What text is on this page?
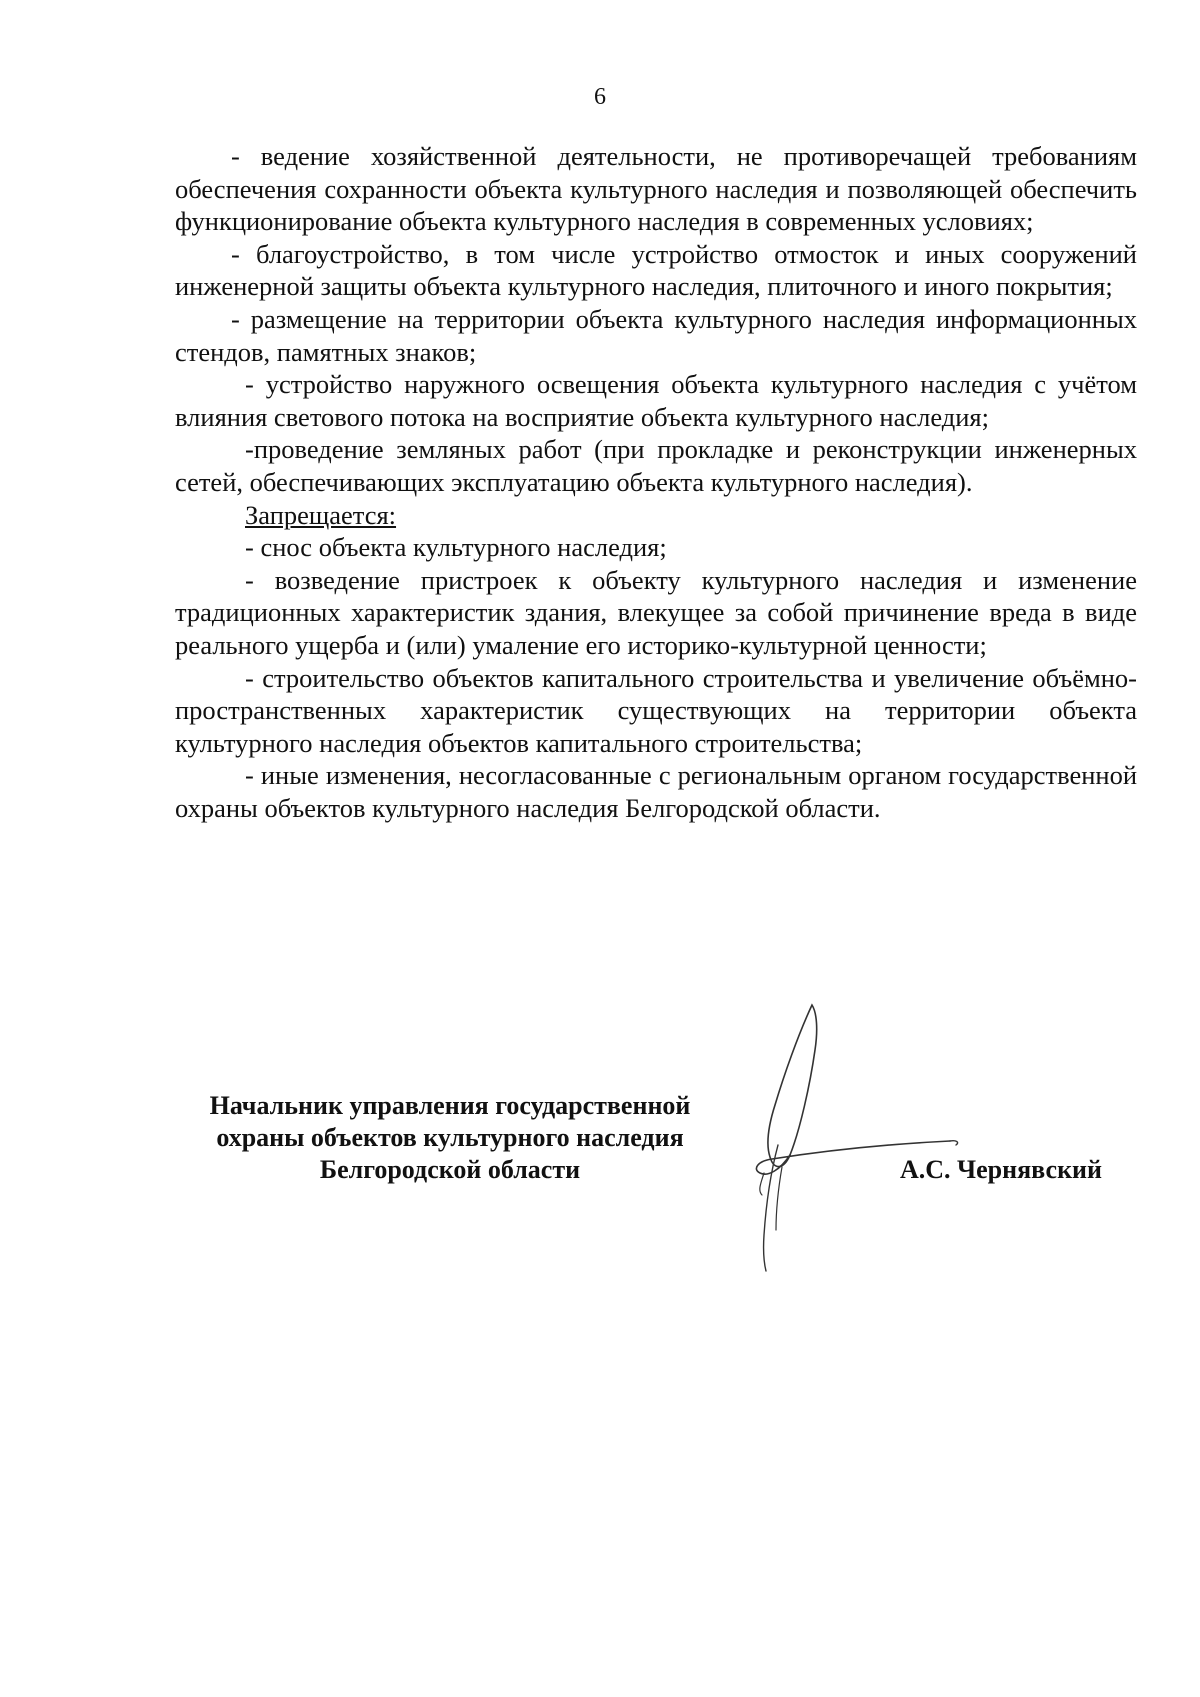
6

- ведение хозяйственной деятельности, не противоречащей требованиям обеспечения сохранности объекта культурного наследия и позволяющей обеспечить функционирование объекта культурного наследия в современных условиях;

- благоустройство, в том числе устройство отмосток и иных сооружений инженерной защиты объекта культурного наследия, плиточного и иного покрытия;

- размещение на территории объекта культурного наследия информационных стендов, памятных знаков;

- устройство наружного освещения объекта культурного наследия с учётом влияния светового потока на восприятие объекта культурного наследия;

-проведение земляных работ (при прокладке и реконструкции инженерных сетей, обеспечивающих эксплуатацию объекта культурного наследия).

Запрещается:

- снос объекта культурного наследия;

- возведение пристроек к объекту культурного наследия и изменение традиционных характеристик здания, влекущее за собой причинение вреда в виде реального ущерба и (или) умаление его историко-культурной ценности;

- строительство объектов капитального строительства и увеличение объёмно-пространственных характеристик существующих на территории объекта культурного наследия объектов капитального строительства;

- иные изменения, несогласованные с региональным органом государственной охраны объектов культурного наследия Белгородской области.

Начальник управления государственной
охраны объектов культурного наследия
Белгородской области	А.С. Чернявский
